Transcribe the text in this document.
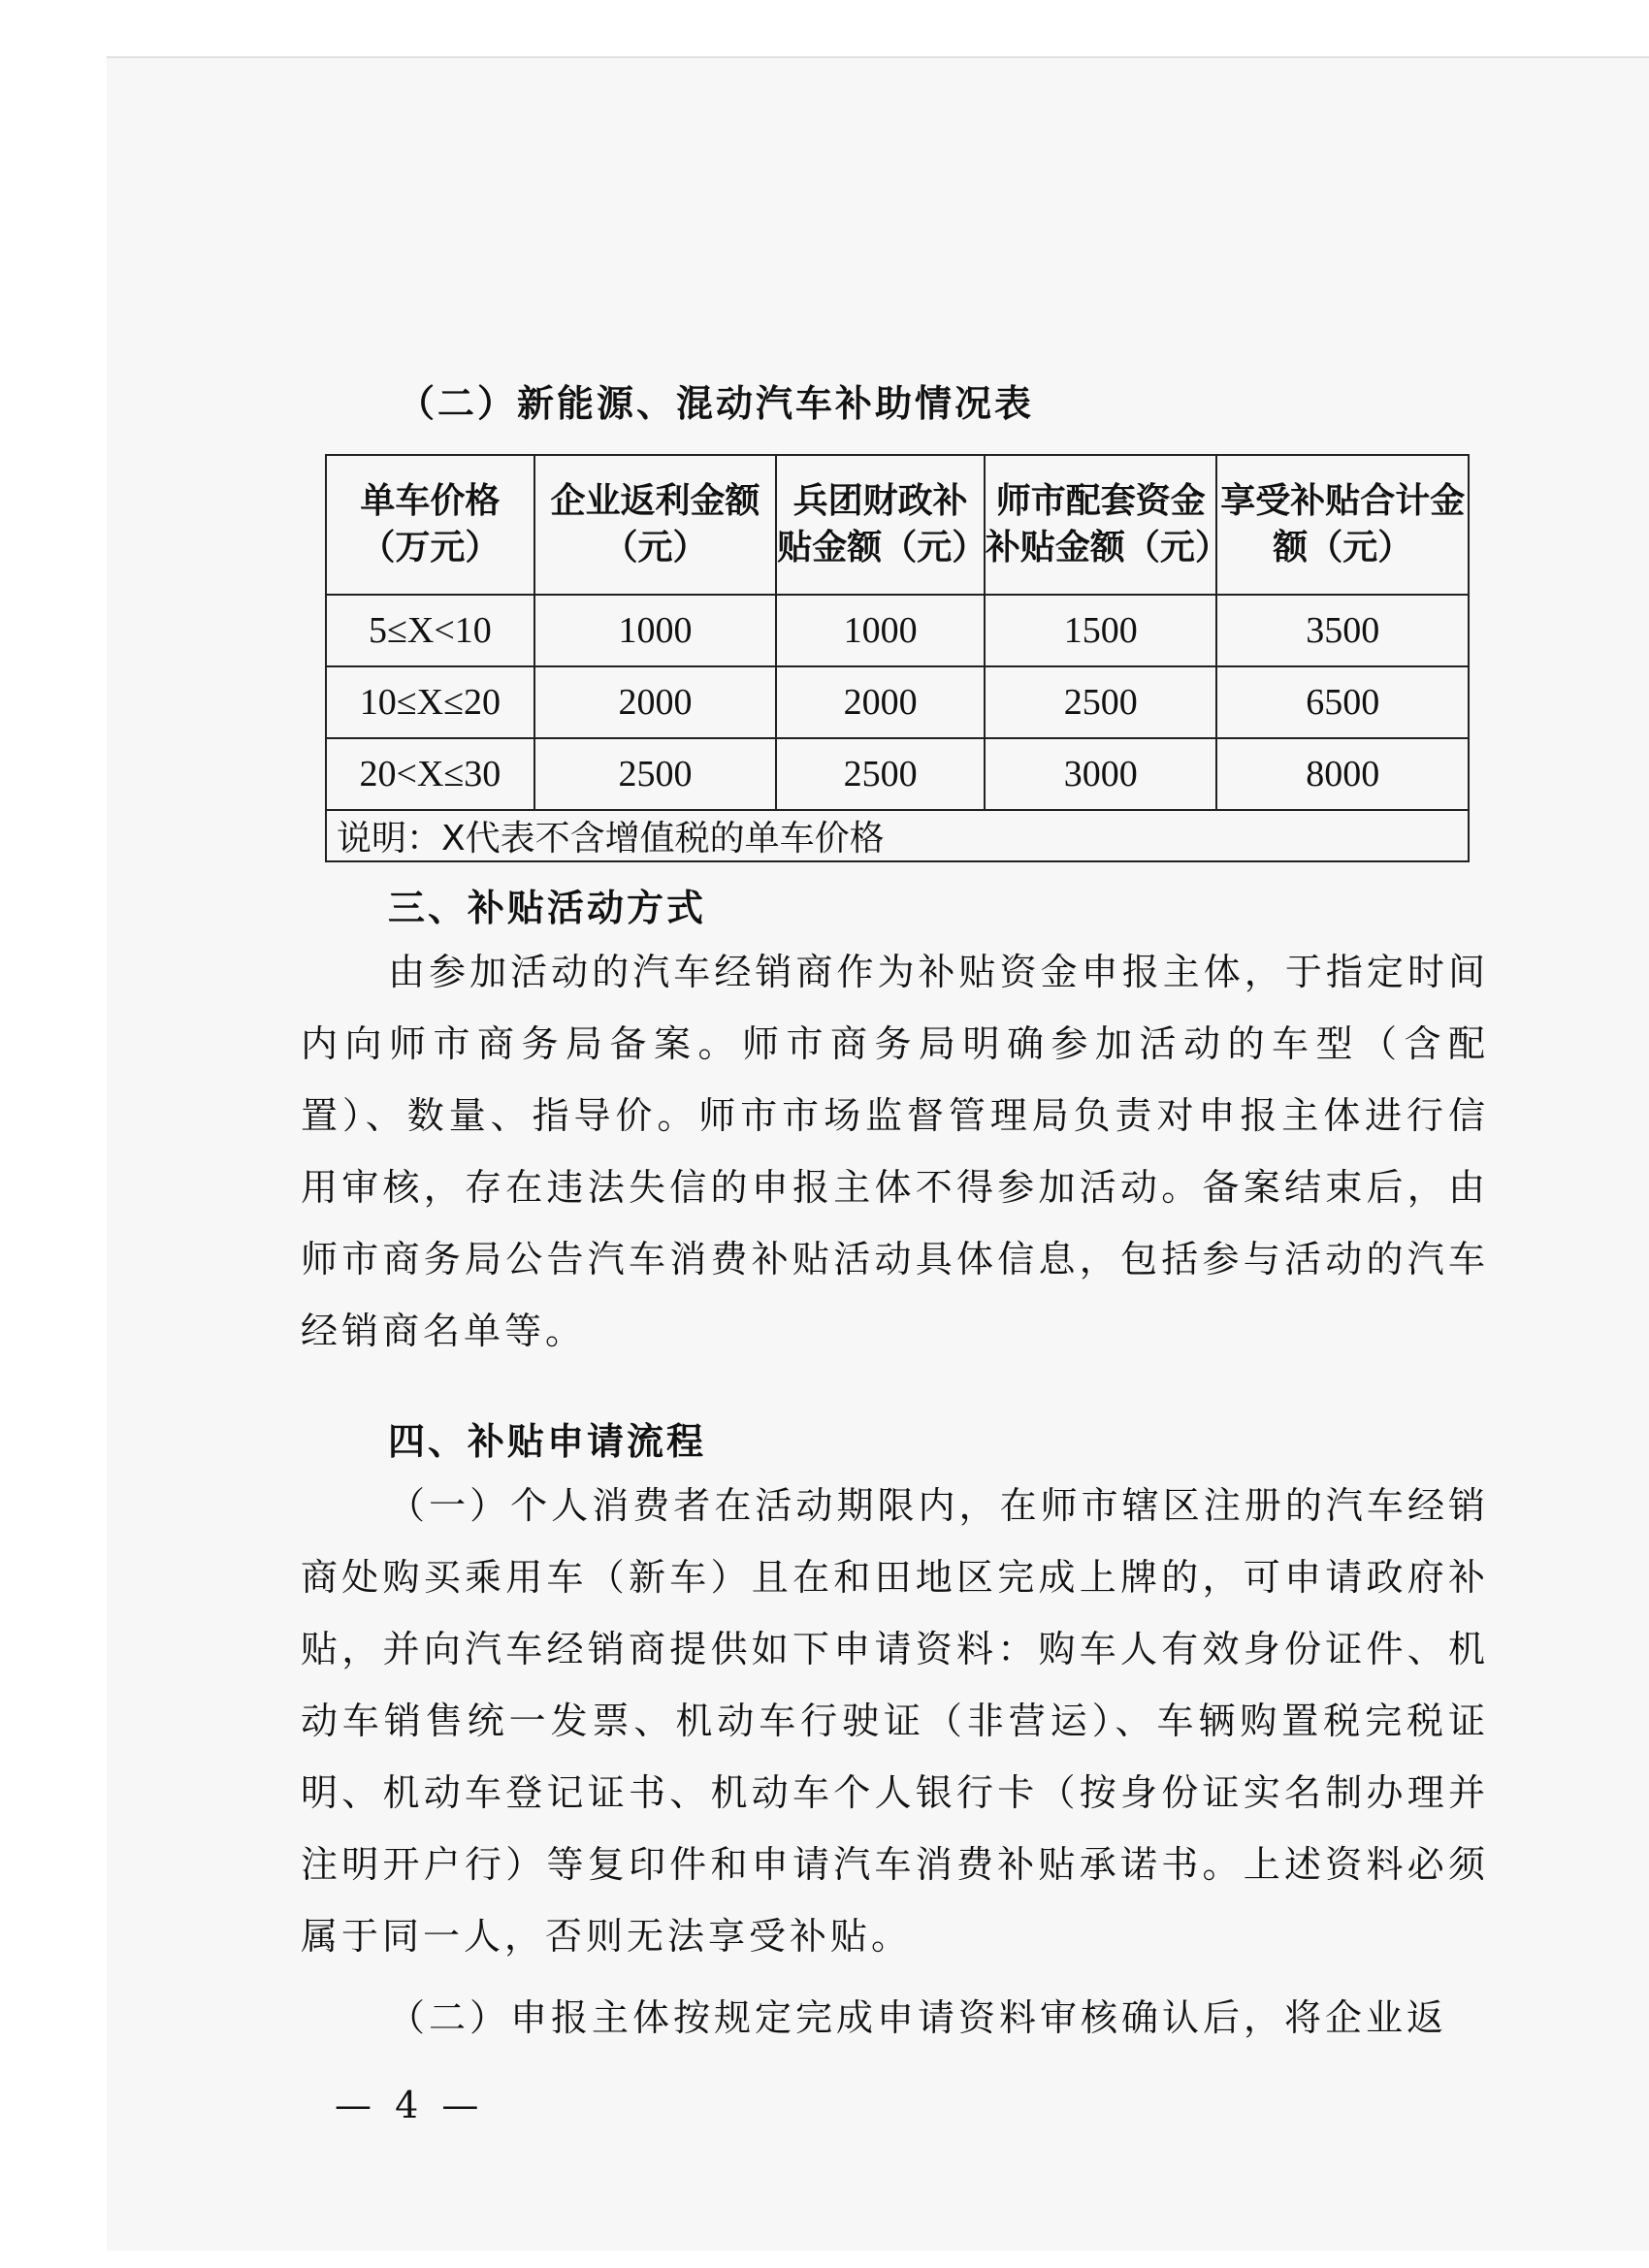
（二）新能源、混动汽车补助情况表
单车价格（万元）	企业返利金额（元）	兵团财政补贴金额（元）	师市配套资金补贴金额（元）	享受补贴合计金额（元）
5≤X<10	1000	1000	1500	3500
10≤X≤20	2000	2000	2500	6500
20<X≤30	2500	2500	3000	8000
说明：X代表不含增值税的单车价格				
三、补贴活动方式
由参加活动的汽车经销商作为补贴资金申报主体，于指定时间内向师市商务局备案。师市商务局明确参加活动的车型（含配置）、数量、指导价。师市市场监督管理局负责对申报主体进行信用审核，存在违法失信的申报主体不得参加活动。备案结束后，由师市商务局公告汽车消费补贴活动具体信息，包括参与活动的汽车经销商名单等。
四、补贴申请流程
（一）个人消费者在活动期限内，在师市辖区注册的汽车经销商处购买乘用车（新车）且在和田地区完成上牌的，可申请政府补贴，并向汽车经销商提供如下申请资料：购车人有效身份证件、机动车销售统一发票、机动车行驶证（非营运）、车辆购置税完税证明、机动车登记证书、机动车个人银行卡（按身份证实名制办理并注明开户行）等复印件和申请汽车消费补贴承诺书。上述资料必须属于同一人，否则无法享受补贴。
（二）申报主体按规定完成申请资料审核确认后，将企业返
— 4 —
